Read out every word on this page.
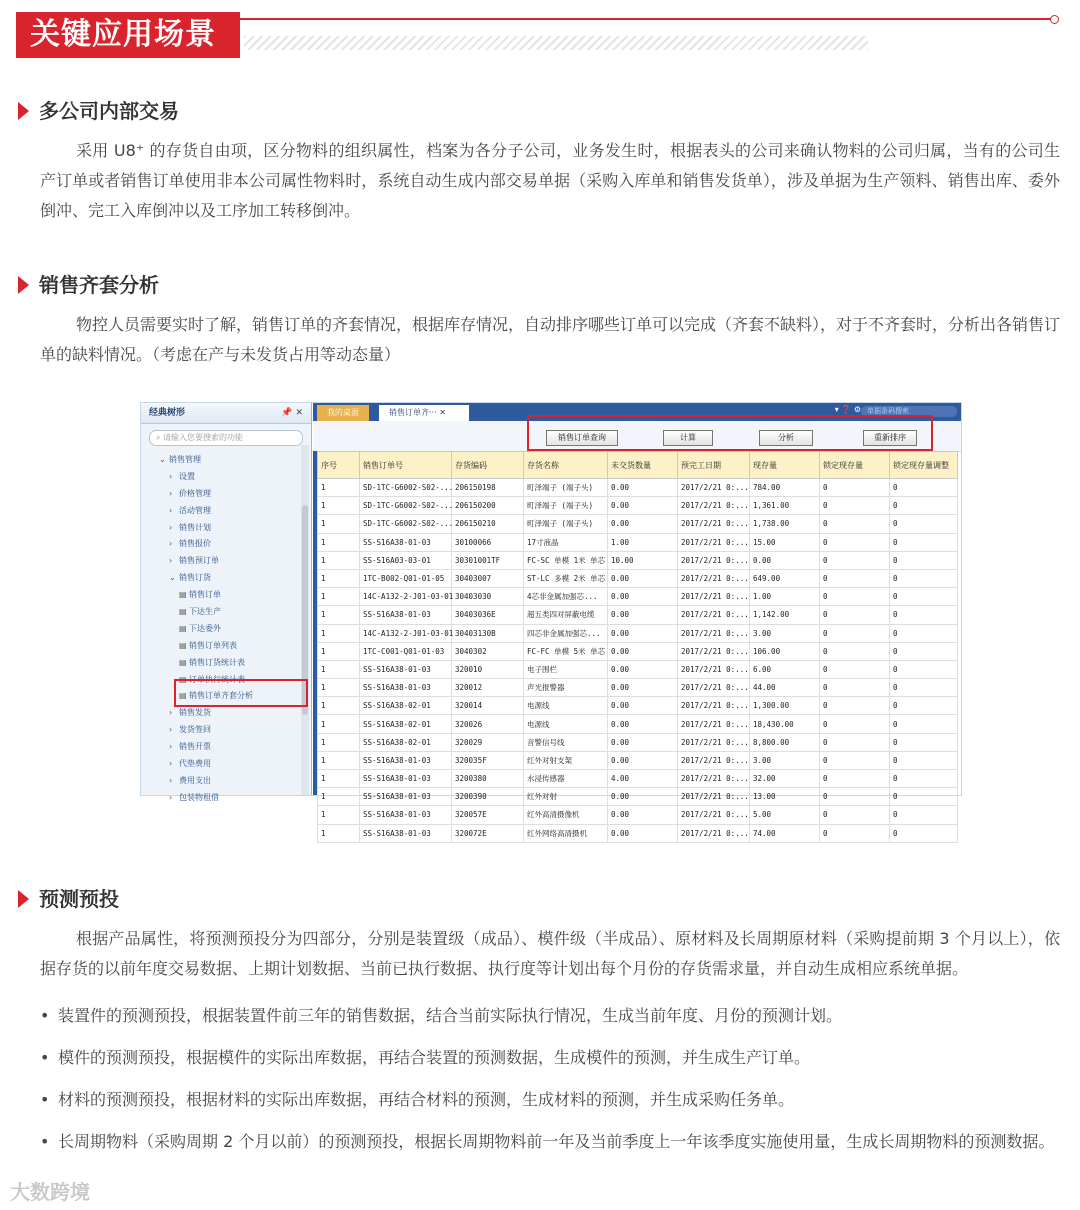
关键应用场景
多公司内部交易
采用 U8⁺ 的存货自由项，区分物料的组织属性，档案为各分子公司，业务发生时，根据表头的公司来确认物料的公司归属，当有的公司生产订单或者销售订单使用非本公司属性物料时，系统自动生成内部交易单据（采购入库单和销售发货单），涉及单据为生产领料、销售出库、委外倒冲、完工入库倒冲以及工序加工转移倒冲。
销售齐套分析
物控人员需要实时了解，销售订单的齐套情况，根据库存情况，自动排序哪些订单可以完成（齐套不缺料），对于不齐套时，分析出各销售订单的缺料情况。（考虑在产与未发货占用等动态量）
经典树形	📌 ✕
⌕ 请输入您要搜索的功能
⌄ 销售管理
› 设置
› 价格管理
› 活动管理
› 销售计划
› 销售报价
› 销售预订单
⌄ 销售订货
▤ 销售订单
▤ 下达生产
▤ 下达委外
▤ 销售订单列表
▤ 销售订货统计表
▤ 订单执行统计表
▤ 销售订单齐套分析
› 销售发货
› 发货签回
› 销售开票
› 代垫费用
› 费用支出
› 包装物租借
我的桌面	销售订单齐··· ✕	▾ ❓ ⚙ 单据条码搜索
销售订单查询	计算	分析	重新排序
序号	销售订单号	存货编码	存货名称	未交货数量	预完工日期	现存量	锁定现存量	锁定现存量调整
1	SD-1TC-G6002-S02-...	206150198	町泽端子 (端子头)	0.00	2017/2/21 0:...	784.00	0	0
1	SD-1TC-G6002-S02-...	206150200	町泽端子 (端子头)	0.00	2017/2/21 0:...	1,361.00	0	0
1	SD-1TC-G6002-S02-...	206150210	町泽端子 (端子头)	0.00	2017/2/21 0:...	1,738.00	0	0
1	SS-S16A38-01-03	30100066	17寸液晶	1.00	2017/2/21 0:...	15.00	0	0
1	SS-S16A03-03-01	30301001TF	FC-SC 单模 1米 单芯	10.00	2017/2/21 0:...	0.00	0	0
1	1TC-B002-Q01-01-05	30403007	ST-LC 多模 2米 单芯	0.00	2017/2/21 0:...	649.00	0	0
1	14C-A132-2-J01-03-01	30403030	4芯非金属加强芯...	0.00	2017/2/21 0:...	1.00	0	0
1	SS-S16A38-01-03	30403036E	超五类四对屏蔽电缆	0.00	2017/2/21 0:...	1,142.00	0	0
1	14C-A132-2-J01-03-01	30403130B	四芯非金属加强芯...	0.00	2017/2/21 0:...	3.00	0	0
1	1TC-C001-Q01-01-03	3040302	FC-FC 单模 5米 单芯	0.00	2017/2/21 0:...	106.00	0	0
1	SS-S16A38-01-03	320010	电子围栏	0.00	2017/2/21 0:...	6.00	0	0
1	SS-S16A38-01-03	320012	声光报警器	0.00	2017/2/21 0:...	44.00	0	0
1	SS-S16A38-02-01	320014	电源线	0.00	2017/2/21 0:...	1,300.00	0	0
1	SS-S16A38-02-01	320026	电源线	0.00	2017/2/21 0:...	18,430.00	0	0
1	SS-S16A38-02-01	320029	音警信号线	0.00	2017/2/21 0:...	8,800.00	0	0
1	SS-S16A38-01-03	320035F	红外对射支架	0.00	2017/2/21 0:...	3.00	0	0
1	SS-S16A38-01-03	3200380	水浸传感器	4.00	2017/2/21 0:...	32.00	0	0
1	SS-S16A38-01-03	3200390	红外对射	0.00	2017/2/21 0:...	13.00	0	0
1	SS-S16A38-01-03	320057E	红外高清摄像机	0.00	2017/2/21 0:...	5.00	0	0
1	SS-S16A38-01-03	320072E	红外网络高清摄机	0.00	2017/2/21 0:...	74.00	0	0
预测预投
根据产品属性，将预测预投分为四部分，分别是装置级（成品）、模件级（半成品）、原材料及长周期原材料（采购提前期 3 个月以上），依据存货的以前年度交易数据、上期计划数据、当前已执行数据、执行度等计划出每个月份的存货需求量，并自动生成相应系统单据。
• 装置件的预测预投，根据装置件前三年的销售数据，结合当前实际执行情况，生成当前年度、月份的预测计划。
• 模件的预测预投，根据模件的实际出库数据，再结合装置的预测数据，生成模件的预测，并生成生产订单。
• 材料的预测预投，根据材料的实际出库数据，再结合材料的预测，生成材料的预测，并生成采购任务单。
• 长周期物料（采购周期 2 个月以前）的预测预投，根据长周期物料前一年及当前季度上一年该季度实施使用量，生成长周期物料的预测数据。
大数跨境
